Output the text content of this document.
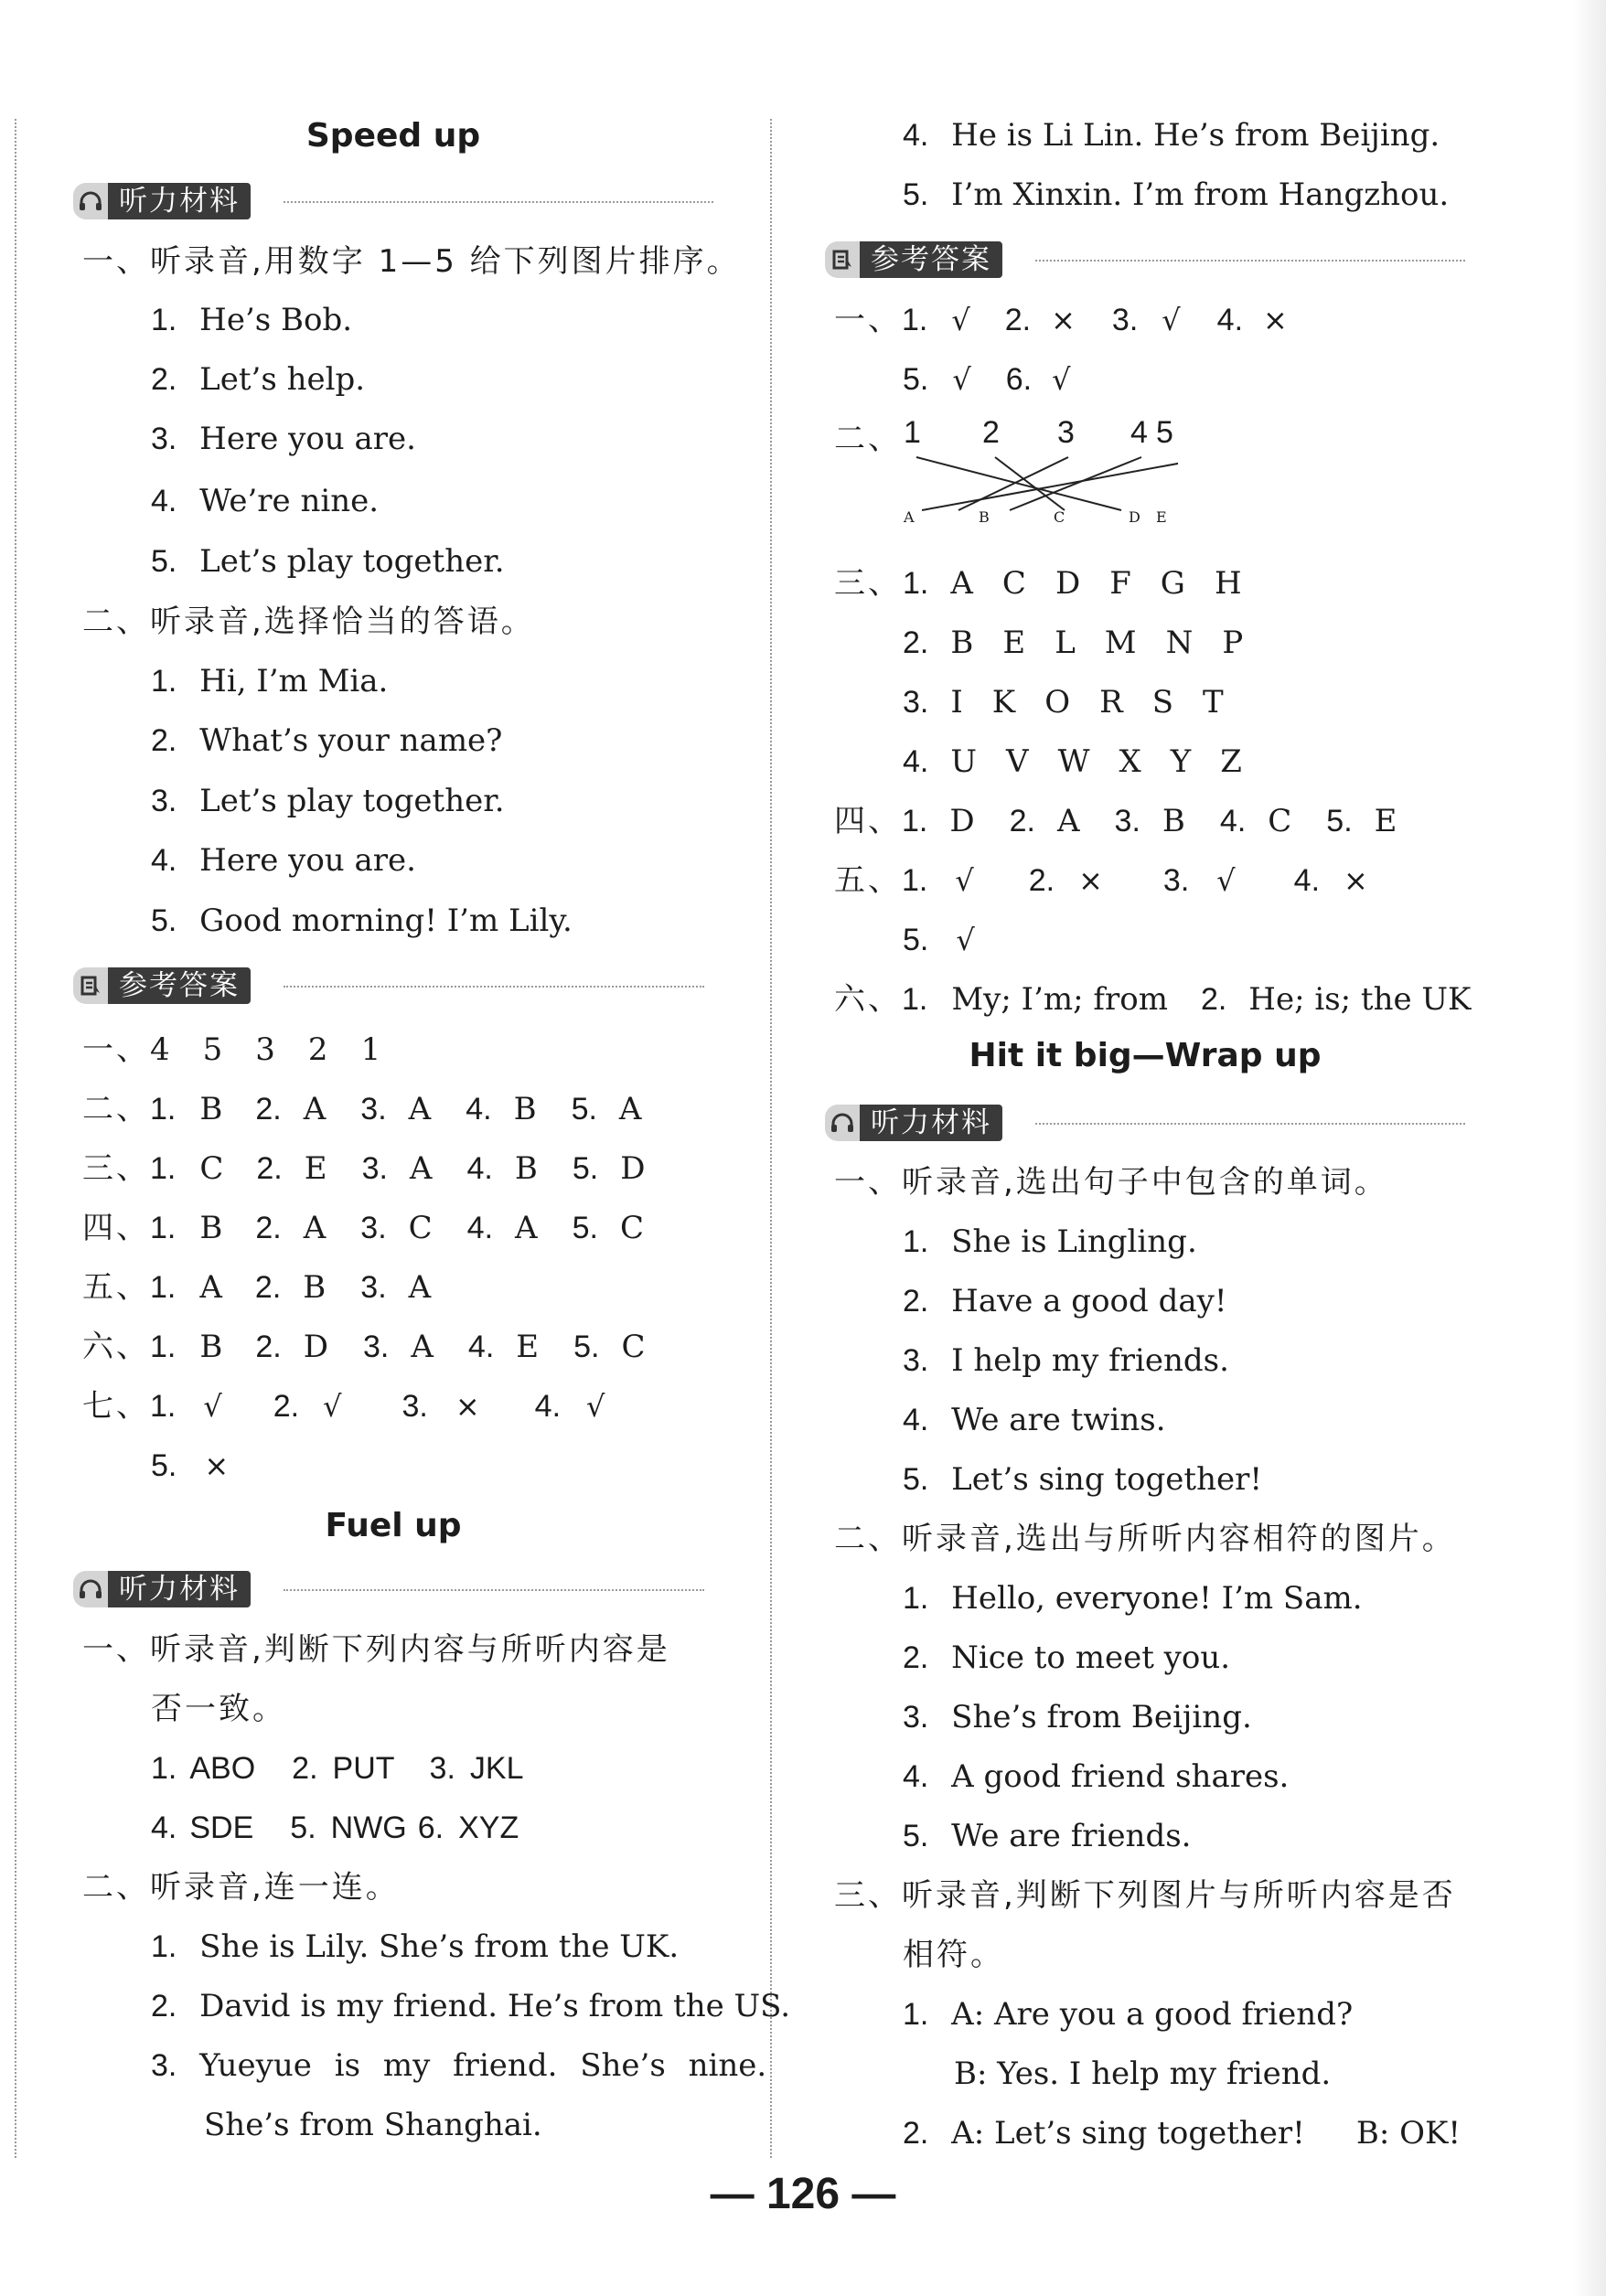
Speed up
听力材料
一、听录音,用数字 1—5 给下列图片排序。
1. He’s Bob.
2. Let’s help.
3. Here you are.
4. We’re nine.
5. Let’s play together.
二、听录音,选择恰当的答语。
1. Hi, I’m Mia.
2. What’s your name?
3. Let’s play together.
4. Here you are.
5. Good morning! I’m Lily.
参考答案
一、4 5 3 2 1
二、1. B 2. A 3. A 4. B 5. A
三、1. C 2. E 3. A 4. B 5. D
四、1. B 2. A 3. C 4. A 5. C
五、1. A 2. B 3. A
六、1. B 2. D 3. A 4. E 5. C
七、1. √ 2. √ 3. × 4. √
5. ×
Fuel up
听力材料
一、听录音,判断下列内容与所听内容是
否一致。
1. ABO 2. PUT 3. JKL
4. SDE 5. NWG 6. XYZ
二、听录音,连一连。
1. She is Lily. She’s from the UK.
2. David is my friend. He’s from the US.
3. Yueyue is my friend. She’s nine.
She’s from Shanghai.
4. He is Li Lin. He’s from Beijing.
5. I’m Xinxin. I’m from Hangzhou.
参考答案
一、1. √ 2. × 3. √ 4. ×
5. √ 6. √
二、 1 2 3 4 5
A	B	C	D E
三、 1. A C D F G H
2. B E L M N P
3. I K O R S T
4. U V W X Y Z
四、1. D 2. A 3. B 4. C 5. E
五、1. √ 2. × 3. √ 4. ×
5. √
六、1. My; I’m; from 2. He; is; the UK
Hit it big—Wrap up
听力材料
一、听录音,选出句子中包含的单词。
1. She is Lingling.
2. Have a good day!
3. I help my friends.
4. We are twins.
5. Let’s sing together!
二、听录音,选出与所听内容相符的图片。
1. Hello, everyone! I’m Sam.
2. Nice to meet you.
3. She’s from Beijing.
4. A good friend shares.
5. We are friends.
三、听录音,判断下列图片与所听内容是否
相符。
1. A: Are you a good friend?
B: Yes. I help my friend.
2. A: Let’s sing together! B: OK!
— 126 —
